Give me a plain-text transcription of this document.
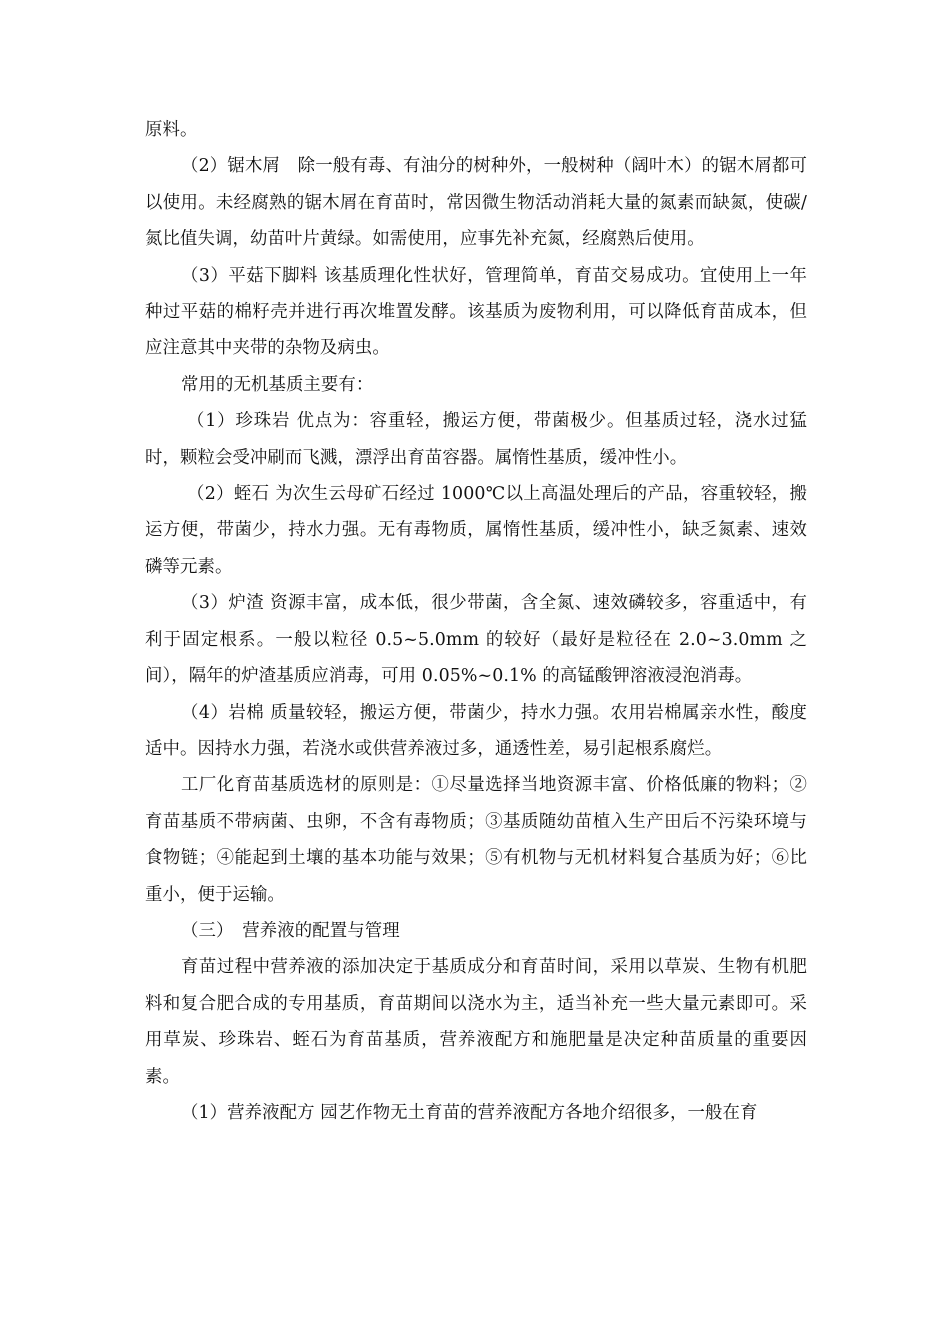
原料。

（2）锯木屑　除一般有毒、有油分的树种外，一般树种（阔叶木）的锯木屑都可以使用。未经腐熟的锯木屑在育苗时，常因微生物活动消耗大量的氮素而缺氮，使碳/氮比值失调，幼苗叶片黄绿。如需使用，应事先补充氮，经腐熟后使用。

（3）平菇下脚料 该基质理化性状好，管理简单，育苗交易成功。宜使用上一年种过平菇的棉籽壳并进行再次堆置发酵。该基质为废物利用，可以降低育苗成本，但应注意其中夹带的杂物及病虫。

常用的无机基质主要有：

（1）珍珠岩 优点为：容重轻，搬运方便，带菌极少。但基质过轻，浇水过猛时，颗粒会受冲刷而飞溅，漂浮出育苗容器。属惰性基质，缓冲性小。

（2）蛭石 为次生云母矿石经过 1000℃以上高温处理后的产品，容重较轻，搬运方便，带菌少，持水力强。无有毒物质，属惰性基质，缓冲性小，缺乏氮素、速效磷等元素。

（3）炉渣 资源丰富，成本低，很少带菌，含全氮、速效磷较多，容重适中，有利于固定根系。一般以粒径 0.5~5.0mm 的较好（最好是粒径在 2.0~3.0mm 之间），隔年的炉渣基质应消毒，可用 0.05%~0.1% 的高锰酸钾溶液浸泡消毒。

（4）岩棉 质量较轻，搬运方便，带菌少，持水力强。农用岩棉属亲水性，酸度适中。因持水力强，若浇水或供营养液过多，通透性差，易引起根系腐烂。

工厂化育苗基质选材的原则是：①尽量选择当地资源丰富、价格低廉的物料；②育苗基质不带病菌、虫卵，不含有毒物质；③基质随幼苗植入生产田后不污染环境与食物链；④能起到土壤的基本功能与效果；⑤有机物与无机材料复合基质为好；⑥比重小，便于运输。

（三）　营养液的配置与管理

育苗过程中营养液的添加决定于基质成分和育苗时间，采用以草炭、生物有机肥料和复合肥合成的专用基质，育苗期间以浇水为主，适当补充一些大量元素即可。采用草炭、珍珠岩、蛭石为育苗基质，营养液配方和施肥量是决定种苗质量的重要因素。

（1）营养液配方 园艺作物无土育苗的营养液配方各地介绍很多，一般在育
